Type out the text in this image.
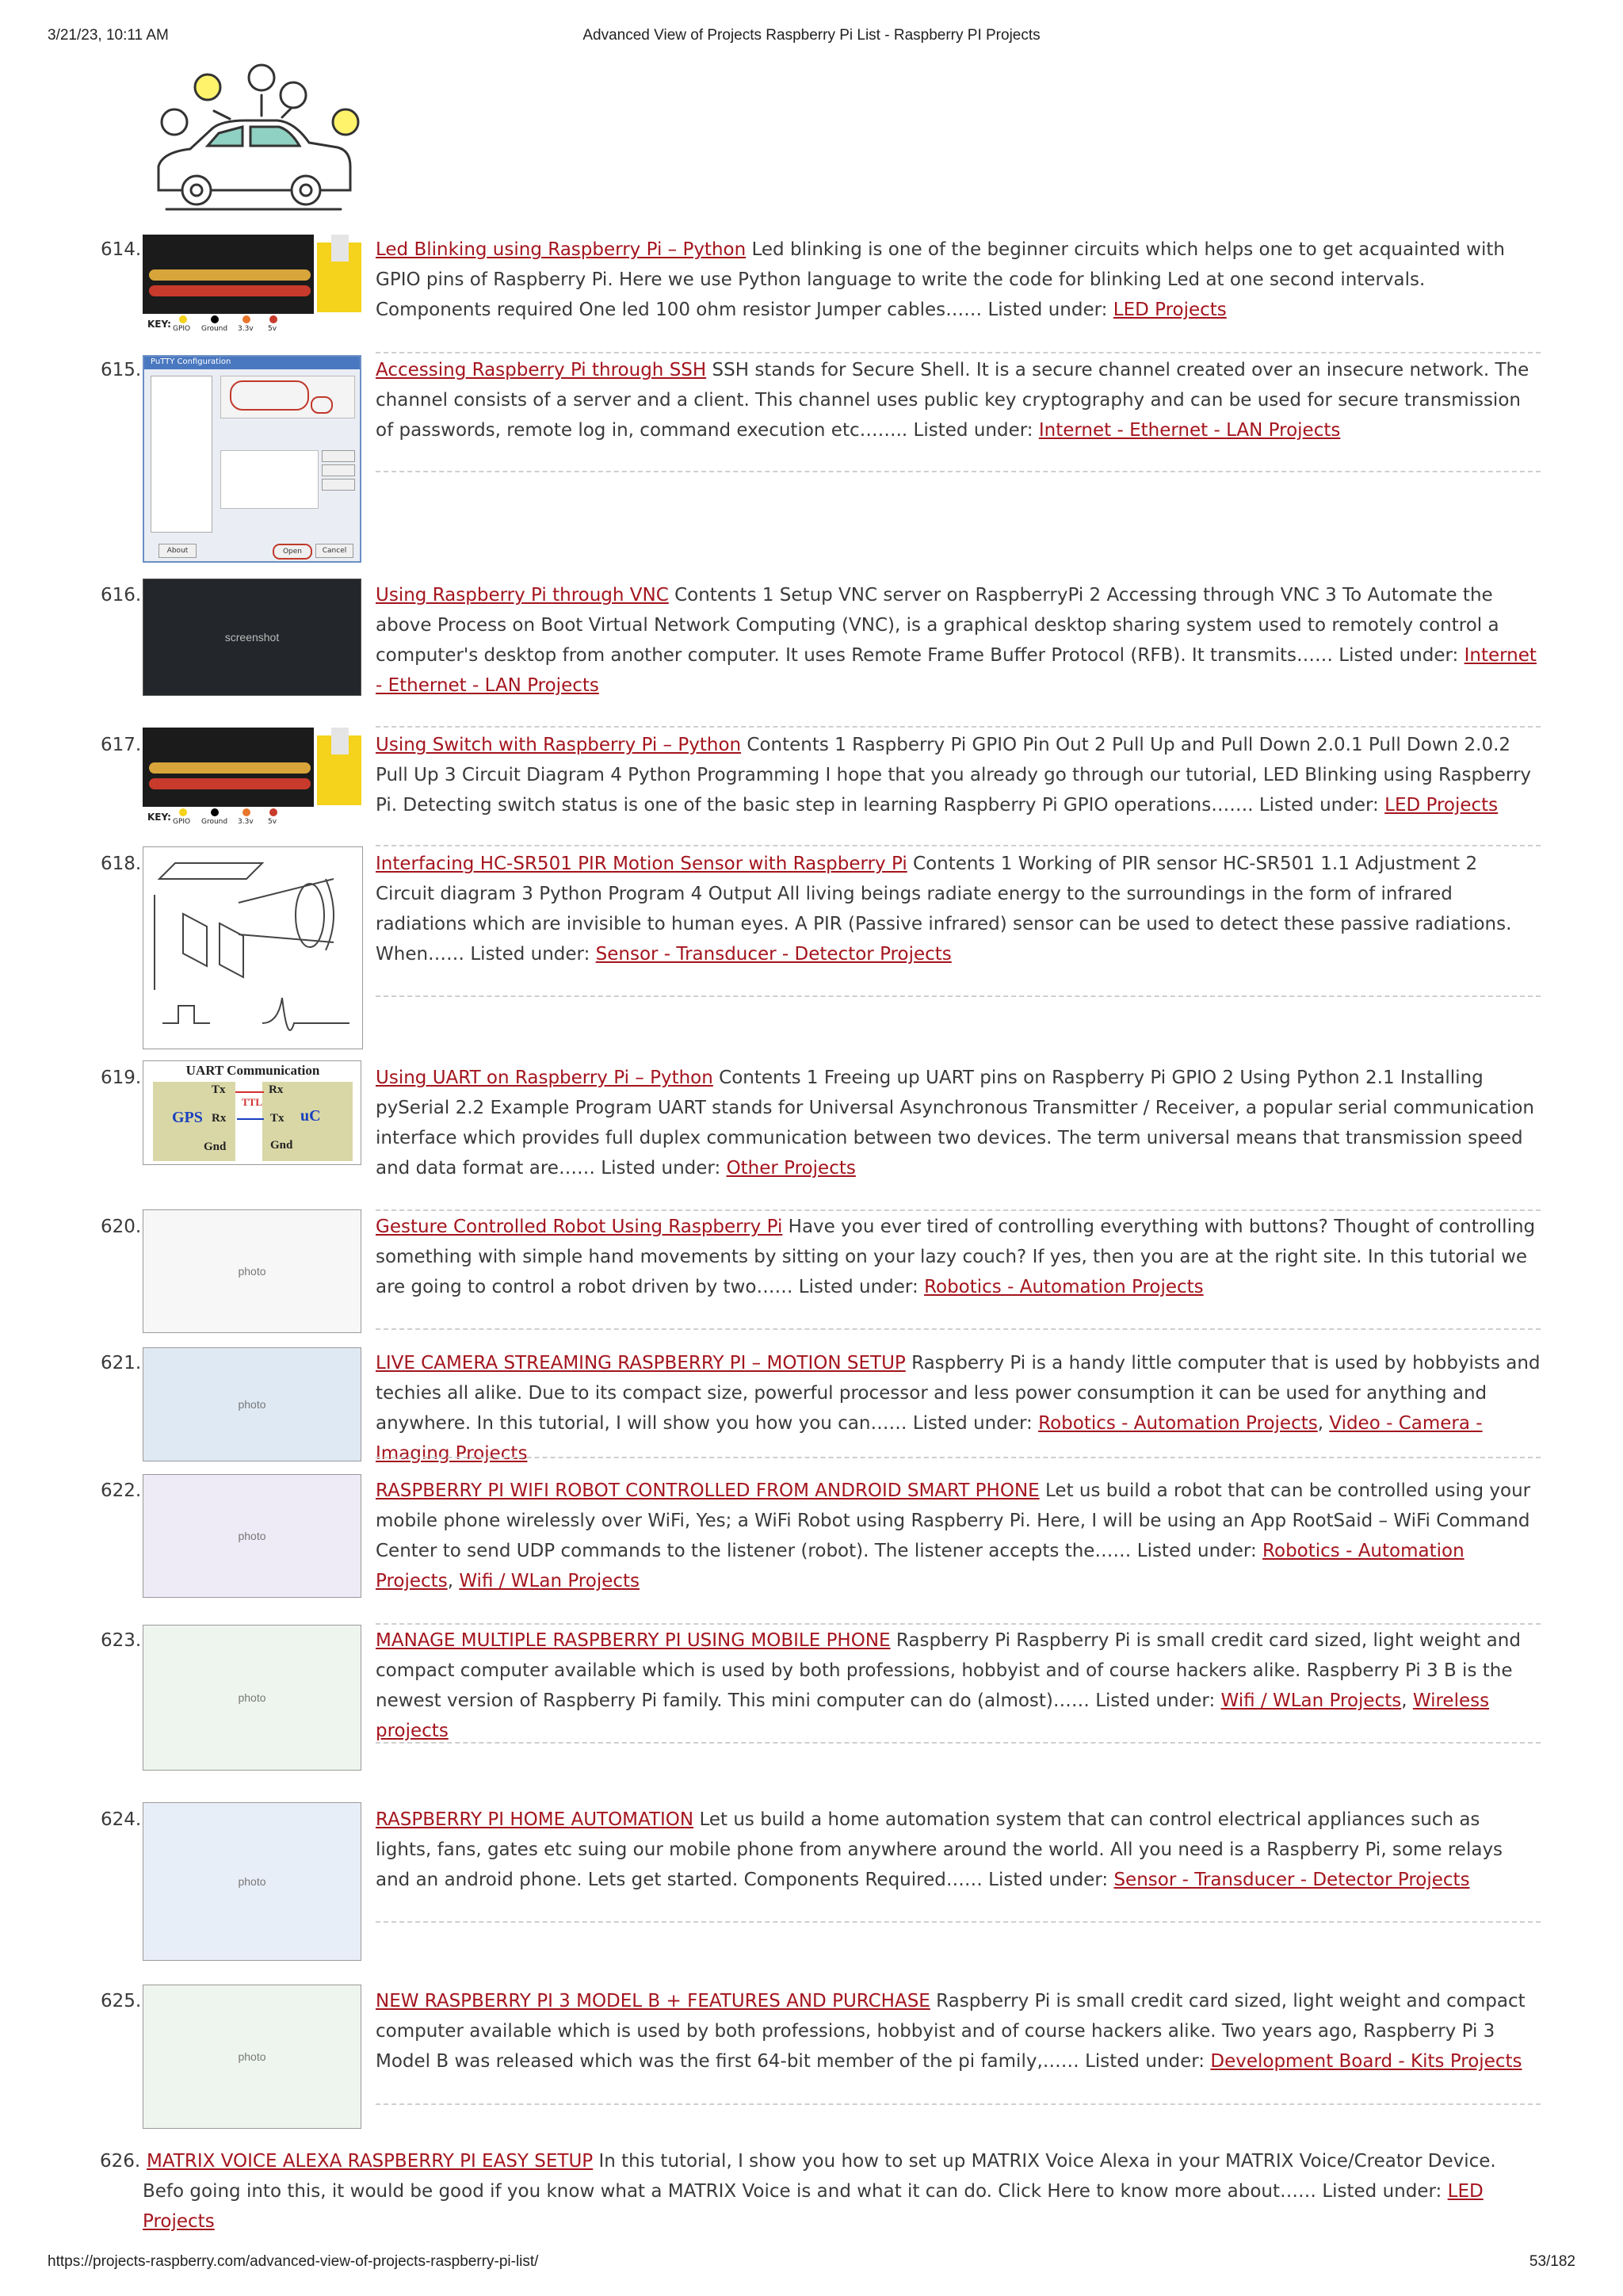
3/21/23, 10:11 AM	Advanced View of Projects Raspberry Pi List - Raspberry PI Projects
https://projects-raspberry.com/advanced-view-of-projects-raspberry-pi-list/	53/182
614.
KEY: GPIO Ground 3.3v 5v
Led Blinking using Raspberry Pi – Python Led blinking is one of the beginner circuits which helps one to get acquainted with GPIO pins of Raspberry Pi. Here we use Python language to write the code for blinking Led at one second intervals. Components required One led 100 ohm resistor Jumper cables…… Listed under: LED Projects
615. PuTTY Configuration
About	Open	Cancel
Accessing Raspberry Pi through SSH SSH stands for Secure Shell. It is a secure channel created over an insecure network. The channel consists of a server and a client. This channel uses public key cryptography and can be used for secure transmission of passwords, remote log in, command execution etc…….. Listed under: Internet - Ethernet - LAN Projects
616.
screenshot
Using Raspberry Pi through VNC Contents 1 Setup VNC server on RaspberryPi 2 Accessing through VNC 3 To Automate the above Process on Boot Virtual Network Computing (VNC), is a graphical desktop sharing system used to remotely control a computer's desktop from another computer. It uses Remote Frame Buffer Protocol (RFB). It transmits…… Listed under: Internet - Ethernet - LAN Projects
617.
KEY: GPIO Ground 3.3v 5v
Using Switch with Raspberry Pi – Python Contents 1 Raspberry Pi GPIO Pin Out 2 Pull Up and Pull Down 2.0.1 Pull Down 2.0.2 Pull Up 3 Circuit Diagram 4 Python Programming I hope that you already go through our tutorial, LED Blinking using Raspberry Pi. Detecting switch status is one of the basic step in learning Raspberry Pi GPIO operations……. Listed under: LED Projects
618.	Interfacing HC-SR501 PIR Motion Sensor with Raspberry Pi Contents 1 Working of PIR sensor HC-SR501 1.1 Adjustment 2 Circuit diagram 3 Python Program 4 Output All living beings radiate energy to the surroundings in the form of infrared radiations which are invisible to human eyes. A PIR (Passive infrared) sensor can be used to detect these passive radiations. When…… Listed under: Sensor - Transducer - Detector Projects
619.	UART Communication
Tx	Rx
TTL
GPS Rx	Tx uC
Gnd	Gnd
Using UART on Raspberry Pi – Python Contents 1 Freeing up UART pins on Raspberry Pi GPIO 2 Using Python 2.1 Installing pySerial 2.2 Example Program UART stands for Universal Asynchronous Transmitter / Receiver, a popular serial communication interface which provides full duplex communication between two devices. The term universal means that transmission speed and data format are…… Listed under: Other Projects
620.
photo
Gesture Controlled Robot Using Raspberry Pi Have you ever tired of controlling everything with buttons? Thought of controlling something with simple hand movements by sitting on your lazy couch? If yes, then you are at the right site. In this tutorial we are going to control a robot driven by two…… Listed under: Robotics - Automation Projects
621.
photo
LIVE CAMERA STREAMING RASPBERRY PI – MOTION SETUP Raspberry Pi is a handy little computer that is used by hobbyists and techies all alike. Due to its compact size, powerful processor and less power consumption it can be used for anything and anywhere. In this tutorial, I will show you how you can…… Listed under: Robotics - Automation Projects, Video - Camera - Imaging Projects
622.
photo
RASPBERRY PI WIFI ROBOT CONTROLLED FROM ANDROID SMART PHONE Let us build a robot that can be controlled using your mobile phone wirelessly over WiFi, Yes; a WiFi Robot using Raspberry Pi. Here, I will be using an App RootSaid – WiFi Command Center to send UDP commands to the listener (robot). The listener accepts the…… Listed under: Robotics - Automation Projects, Wifi / WLan Projects
623.
photo
MANAGE MULTIPLE RASPBERRY PI USING MOBILE PHONE Raspberry Pi Raspberry Pi is small credit card sized, light weight and compact computer available which is used by both professions, hobbyist and of course hackers alike. Raspberry Pi 3 B is the newest version of Raspberry Pi family. This mini computer can do (almost)…… Listed under: Wifi / WLan Projects, Wireless projects
624.
photo
RASPBERRY PI HOME AUTOMATION Let us build a home automation system that can control electrical appliances such as lights, fans, gates etc suing our mobile phone from anywhere around the world. All you need is a Raspberry Pi, some relays and an android phone. Lets get started. Components Required…… Listed under: Sensor - Transducer - Detector Projects
625.
photo
NEW RASPBERRY PI 3 MODEL B + FEATURES AND PURCHASE Raspberry Pi is small credit card sized, light weight and compact computer available which is used by both professions, hobbyist and of course hackers alike. Two years ago, Raspberry Pi 3 Model B was released which was the first 64-bit member of the pi family,…… Listed under: Development Board - Kits Projects
626. MATRIX VOICE ALEXA RASPBERRY PI EASY SETUP In this tutorial, I show you how to set up MATRIX Voice Alexa in your MATRIX Voice/Creator Device. Befo going into this, it would be good if you know what a MATRIX Voice is and what it can do. Click Here to know more about…… Listed under: LED Projects
